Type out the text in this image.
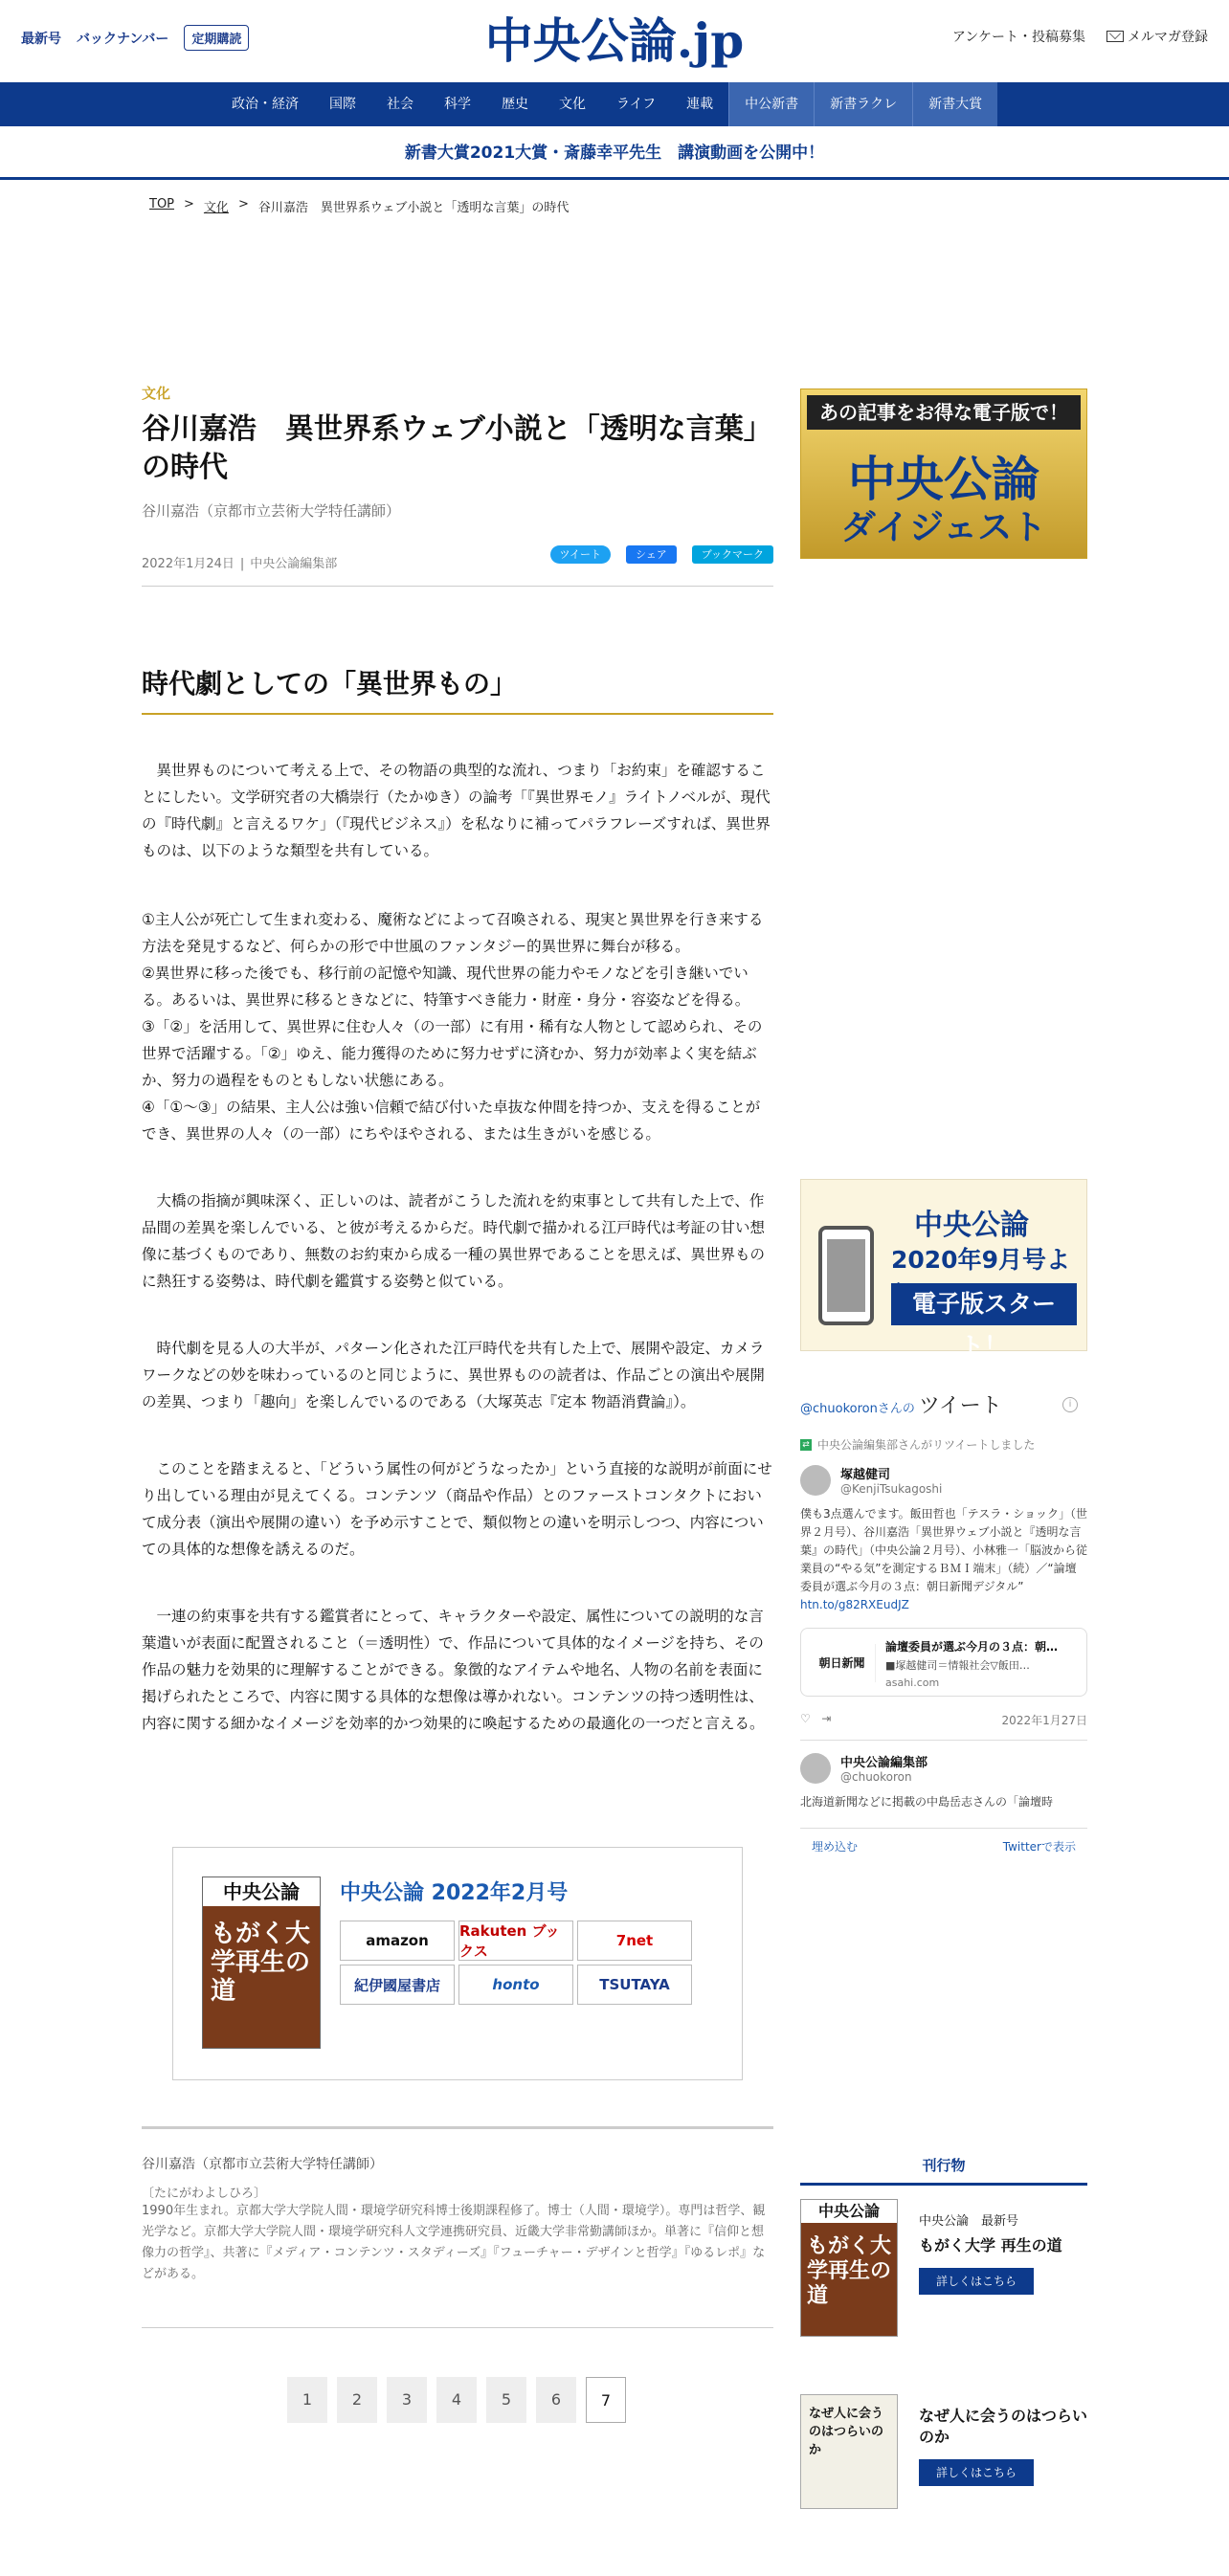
最新号 バックナンバー	定期購読	中央公論.jp	アンケート・投稿募集	メルマガ登録
政治・経済	国際	社会	科学	歴史	文化	ライフ	連載	中公新書	新書ラクレ	新書大賞
新書大賞2021大賞・斎藤幸平先生　講演動画を公開中！
TOP > 文化 > 谷川嘉浩　異世界系ウェブ小説と「透明な言葉」の時代
文化
谷川嘉浩　異世界系ウェブ小説と「透明な言葉」の時代
谷川嘉浩（京都市立芸術大学特任講師）
2022年1月24日 | 中央公論編集部
ツイート	シェア	ブックマーク
時代劇としての「異世界もの」

異世界ものについて考える上で、その物語の典型的な流れ、つまり「お約束」を確認することにしたい。文学研究者の大橋崇行（たかゆき）の論考「『異世界モノ』ライトノベルが、現代の『時代劇』と言えるワケ」（『現代ビジネス』）を私なりに補ってパラフレーズすれば、異世界ものは、以下のような類型を共有している。

①主人公が死亡して生まれ変わる、魔術などによって召喚される、現実と異世界を行き来する方法を発見するなど、何らかの形で中世風のファンタジー的異世界に舞台が移る。
②異世界に移った後でも、移行前の記憶や知識、現代世界の能力やモノなどを引き継いでいる。あるいは、異世界に移るときなどに、特筆すべき能力・財産・身分・容姿などを得る。
③「②」を活用して、異世界に住む人々（の一部）に有用・稀有な人物として認められ、その世界で活躍する。「②」ゆえ、能力獲得のために努力せずに済むか、努力が効率よく実を結ぶか、努力の過程をものともしない状態にある。
④「①～③」の結果、主人公は強い信頼で結び付いた卓抜な仲間を持つか、支えを得ることができ、異世界の人々（の一部）にちやほやされる、または生きがいを感じる。

大橋の指摘が興味深く、正しいのは、読者がこうした流れを約束事として共有した上で、作品間の差異を楽しんでいる、と彼が考えるからだ。時代劇で描かれる江戸時代は考証の甘い想像に基づくものであり、無数のお約束から成る一種の異世界であることを思えば、異世界ものに熱狂する姿勢は、時代劇を鑑賞する姿勢と似ている。

時代劇を見る人の大半が、パターン化された江戸時代を共有した上で、展開や設定、カメラワークなどの妙を味わっているのと同じように、異世界ものの読者は、作品ごとの演出や展開の差異、つまり「趣向」を楽しんでいるのである（大塚英志『定本 物語消費論』）。

このことを踏まえると、「どういう属性の何がどうなったか」という直接的な説明が前面にせり出している理由が見えてくる。コンテンツ（商品や作品）とのファーストコンタクトにおいて成分表（演出や展開の違い）を予め示すことで、類似物との違いを明示しつつ、内容についての具体的な想像を誘えるのだ。

一連の約束事を共有する鑑賞者にとって、キャラクターや設定、属性についての説明的な言葉遣いが表面に配置されること（＝透明性）で、作品について具体的なイメージを持ち、その作品の魅力を効果的に理解することができる。象徴的なアイテムや地名、人物の名前を表面に掲げられたところで、内容に関する具体的な想像は導かれない。コンテンツの持つ透明性は、内容に関する細かなイメージを効率的かつ効果的に喚起するための最適化の一つだと言える。

中央公論
もがく大学再生の道
中央公論 2022年2月号
amazon
Rakuten ブックス
7net
紀伊國屋書店	honto	TSUTAYA
谷川嘉浩（京都市立芸術大学特任講師）
〔たにがわよしひろ〕
1990年生まれ。京都大学大学院人間・環境学研究科博士後期課程修了。博士（人間・環境学）。専門は哲学、観光学など。京都大学大学院人間・環境学研究科人文学連携研究員、近畿大学非常勤講師ほか。単著に『信仰と想像力の哲学』、共著に『メディア・コンテンツ・スタディーズ』『フューチャー・デザインと哲学』『ゆるレポ』などがある。
1	2	3	4	5	6	7
あの記事をお得な電子版で！
中央公論
ダイジェスト
中央公論
2020年9月号よ
電子版スタート！
@chuokoronさんの ツイート	i
⇄ 中央公論編集部さんがリツイートしました
塚越健司
@KenjiTsukagoshi
僕も3点選んでます。飯田哲也「テスラ・ショック」（世界２月号）、谷川嘉浩「異世界ウェブ小説と『透明な言葉』の時代」（中央公論２月号）、小林雅一「脳波から従業員の“やる気”を測定するＢＭＩ端末」（続）／“論壇委員が選ぶ今月の３点：朝日新聞デジタル” htn.to/g82RXEudJZ
朝日新聞
論壇委員が選ぶ今月の３点：朝…
■塚越健司＝情報社会▽飯田…
asahi.com
♡ ⇥	2022年1月27日
中央公論編集部
@chuokoron
北海道新聞などに掲載の中島岳志さんの「論壇時
埋め込む	Twitterで表示
刊行物
中央公論
もがく大学再生の道
中央公論　最新号
もがく大学 再生の道
詳しくはこちら
なぜ人に会うのはつらいのか
なぜ人に会うのはつらいのか
詳しくはこちら
